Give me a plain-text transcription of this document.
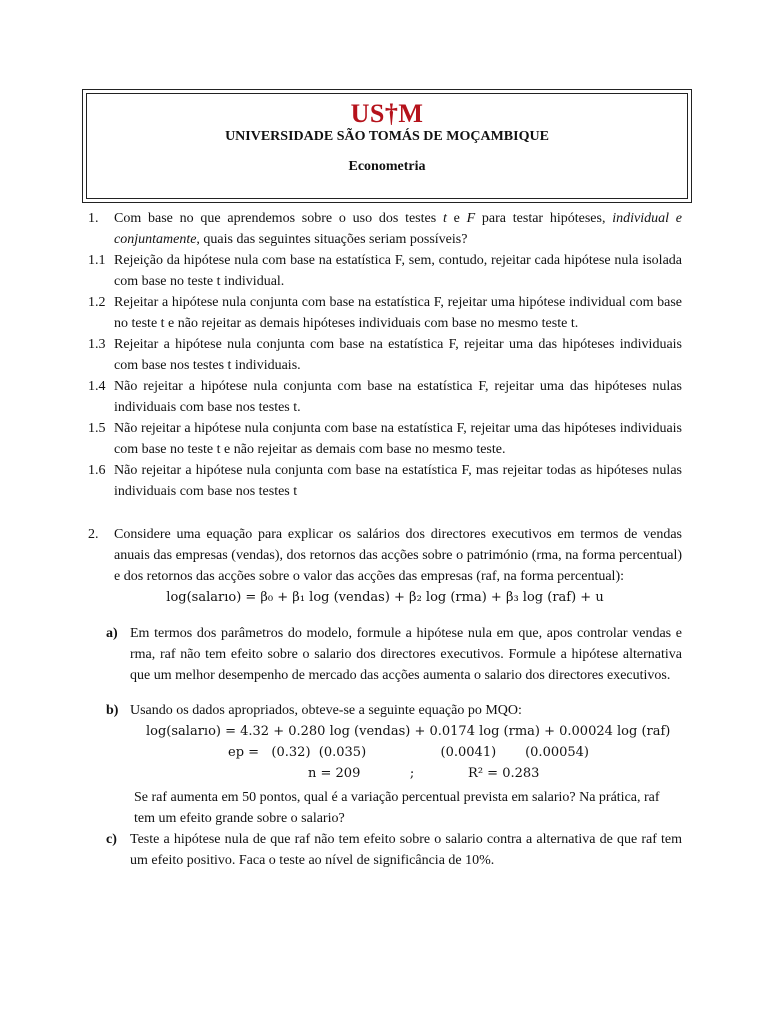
US†M
UNIVERSIDADE SÃO TOMÁS DE MOÇAMBIQUE
Econometria

1. Com base no que aprendemos sobre o uso dos testes t e F para testar hipóteses, individual e conjuntamente, quais das seguintes situações seriam possíveis?

1.1 Rejeição da hipótese nula com base na estatística F, sem, contudo, rejeitar cada hipótese nula isolada com base no teste t individual.

1.2 Rejeitar a hipótese nula conjunta com base na estatística F, rejeitar uma hipótese individual com base no teste t e não rejeitar as demais hipóteses individuais com base no mesmo teste t.

1.3 Rejeitar a hipótese nula conjunta com base na estatística F, rejeitar uma das hipóteses individuais com base nos testes t individuais.

1.4 Não rejeitar a hipótese nula conjunta com base na estatística F, rejeitar uma das hipóteses nulas individuais com base nos testes t.

1.5 Não rejeitar a hipótese nula conjunta com base na estatística F, rejeitar uma das hipóteses individuais com base no teste t e não rejeitar as demais com base no mesmo teste.

1.6 Não rejeitar a hipótese nula conjunta com base na estatística F, mas rejeitar todas as hipóteses nulas individuais com base nos testes t

2. Considere uma equação para explicar os salários dos directores executivos em termos de vendas anuais das empresas (vendas), dos retornos das acções sobre o património (rma, na forma percentual) e dos retornos das acções sobre o valor das acções das empresas (raf, na forma percentual):

log(salarıo) = β₀ + β₁ log (vendas) + β₂ log (rma) + β₃ log (raf) + u

a) Em termos dos parâmetros do modelo, formule a hipótese nula em que, apos controlar vendas e rma, raf não tem efeito sobre o salario dos directores executivos. Formule a hipótese alternativa que um melhor desempenho de mercado das acções aumenta o salario dos directores executivos.

b) Usando os dados apropriados, obteve-se a seguinte equação po MQO:

log(salarıo) = 4.32 + 0.280 log (vendas) + 0.0174 log (rma) + 0.00024 log (raf)
ep =   (0.32)  (0.035)                  (0.0041)       (0.00054)
n = 209            ;             R² = 0.283
Se raf aumenta em 50 pontos, qual é a variação percentual prevista em salario? Na prática, raf tem um efeito grande sobre o salario?

c) Teste a hipótese nula de que raf não tem efeito sobre o salario contra a alternativa de que raf tem um efeito positivo. Faca o teste ao nível de significância de 10%.
